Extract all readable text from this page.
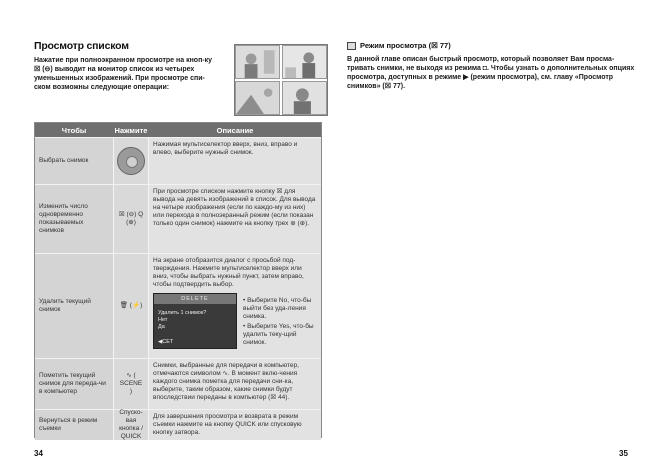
Просмотр списком
Нажатие при полноэкранном просмотре на кноп-ку ☒ (⊖) выводит на монитор список из четырех уменьшенных изображений. При просмотре спи-ском возможны следующие операции:
Чтобы	Нажмите	Описание
Выбрать снимок
Нажимая мультиселектор вверх, вниз, вправо и влево, выберите нужный снимок.
Изменить число одновременно показываемых снимков
☒ (⊖) Q (⊕)
При просмотре списком нажмите кнопку ☒ для вывода на девять изображений в список. Для вывода на четыре изображения (если по каждо-му из них) или перехода в полноэкранный режим (если показан только один снимок) нажмите на кнопку трех ⊕ (⊕).
Удалить текущий снимок
🗑 (⚡)
На экране отобразится диалог с просьбой под-тверждения. Нажмите мультиселектор вверх или вниз, чтобы выбрать нужный пункт, затем вправо, чтобы подтвердить выбор.
DELETE
Удалить 1 снимок?
Нет
Да
◀СЕТ

• Выберите No, что-бы выйти без уда-ления снимка.

• Выберите Yes, что-бы удалить теку-щий снимок.

Пометить текущий снимок для переда-чи в компьютер
∿ ( SCENE )
Снимки, выбранные для передачи в компьютер, отмечаются символом ∿. В момент вклю-чения каждого снимка пометка для передачи сни-ка, выберите, таким образом, какие снимки будут впоследствии переданы в компьютер (☒ 44).
Вернуться в режим съемки
Спуско-вая кнопка / QUICK
Для завершения просмотра и возврата в режим съемки нажмите на кнопку QUICK или спусковую кнопку затвора.
34
Режим просмотра (☒ 77)
В данной главе описан быстрый просмотр, который позволяет Вам просма-тривать снимки, не выходя из режима ◘. Чтобы узнать о дополнительных опциях просмотра, доступных в режиме ▶ (режим просмотра), см. главу «Просмотр снимков» (☒ 77).
35
